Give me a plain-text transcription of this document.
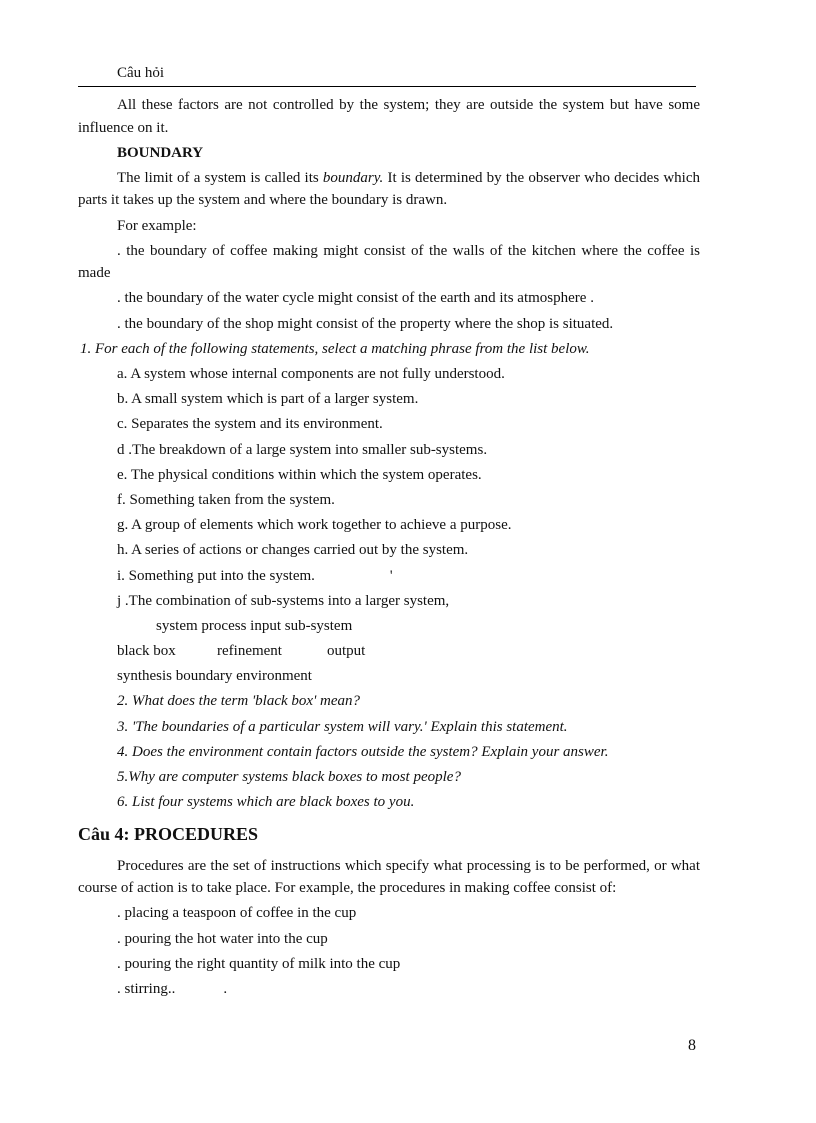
Câu hỏi

All these factors are not controlled by the system; they are outside the system but have some influence on it.

BOUNDARY

The limit of a system is called its boundary. It is determined by the observer who decides which parts it takes up the system and where the boundary is drawn.

For example:

. the boundary of coffee making might consist of the walls of the kitchen where the coffee is made

. the boundary of the water cycle might consist of the earth and its atmosphere .

. the boundary of the shop might consist of the property where the shop is situated.

1. For each of the following statements, select a matching phrase from the list below.

a. A system whose internal components are not fully understood.

b. A small system which is part of a larger system.

c. Separates the system and its environment.

d .The breakdown of a large system into smaller sub-systems.

e. The physical conditions within which the system operates.

f. Something taken from the system.

g. A group of elements which work together to achieve a purpose.

h. A series of actions or changes carried out by the system.

i. Something put into the system.	'

j .The combination of sub-systems into a larger system,

system process input sub-system

black box	refinement	output

synthesis boundary environment

2. What does the term 'black box' mean?

3. 'The boundaries of a particular system will vary.' Explain this statement.

4. Does the environment contain factors outside the system? Explain your answer.

5.Why are computer systems black boxes to most people?

6. List four systems which are black boxes to you.

Câu 4: PROCEDURES

Procedures are the set of instructions which specify what processing is to be performed, or what course of action is to take place. For example, the procedures in making coffee consist of:

. placing a teaspoon of coffee in the cup

. pouring the hot water into the cup

. pouring the right quantity of milk into the cup

. stirring..	.

8
